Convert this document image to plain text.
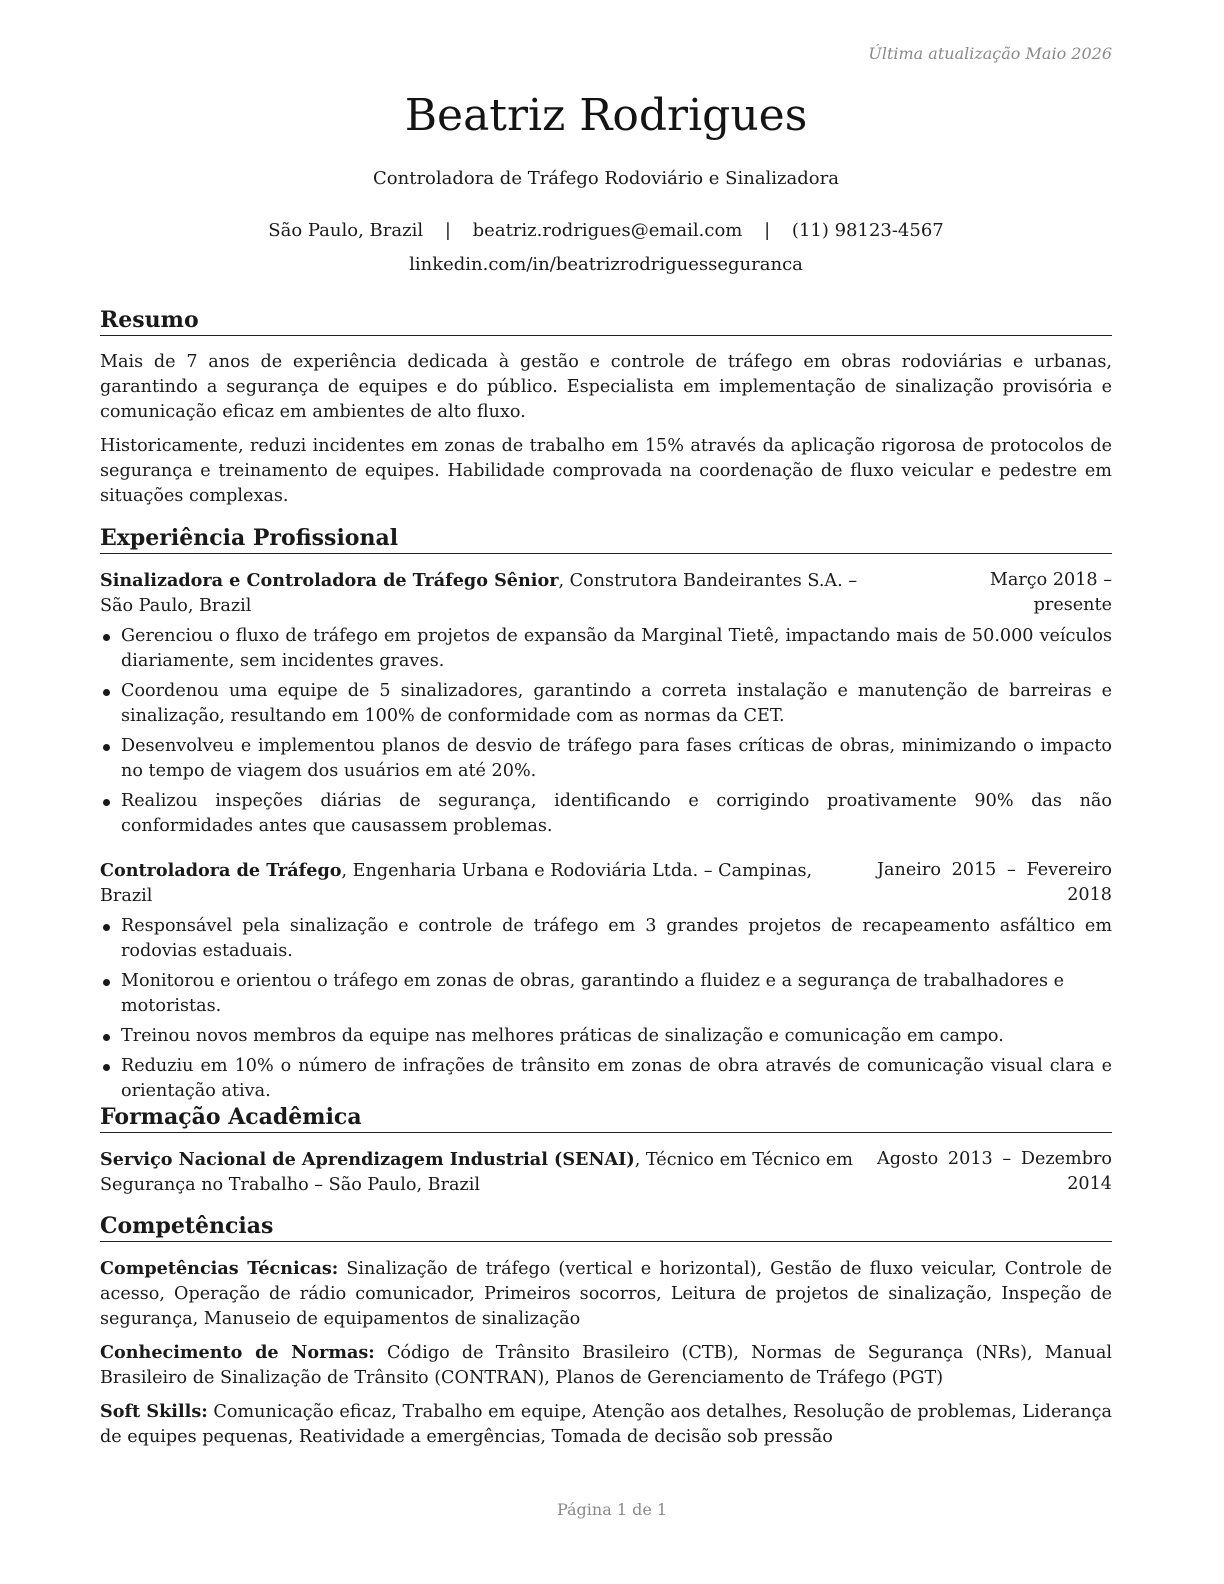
Última atualização Maio 2026
Beatriz Rodrigues
Controladora de Tráfego Rodoviário e Sinalizadora
São Paulo, Brazil | beatriz.rodrigues@email.com | (11) 98123-4567
linkedin.com/in/beatrizrodriguesseguranca
Resumo

Mais de 7 anos de experiência dedicada à gestão e controle de tráfego em obras rodoviárias e urbanas, garantindo a segurança de equipes e do público. Especialista em implementação de sinalização provisória e comunicação eficaz em ambientes de alto fluxo.

Historicamente, reduzi incidentes em zonas de trabalho em 15% através da aplicação rigorosa de protocolos de segurança e treinamento de equipes. Habilidade comprovada na coordenação de fluxo veicular e pedestre em situações complexas.

Experiência Profissional
Sinalizadora e Controladora de Tráfego Sênior, Construtora Bandeirantes S.A. – São Paulo, Brazil
Março 2018 – presente
Gerenciou o fluxo de tráfego em projetos de expansão da Marginal Tietê, impactando mais de 50.000 veículos diariamente, sem incidentes graves.
Coordenou uma equipe de 5 sinalizadores, garantindo a correta instalação e manutenção de barreiras e sinalização, resultando em 100% de conformidade com as normas da CET.
Desenvolveu e implementou planos de desvio de tráfego para fases críticas de obras, minimizando o impacto no tempo de viagem dos usuários em até 20%.
Realizou inspeções diárias de segurança, identificando e corrigindo proativamente 90% das não conformidades antes que causassem problemas.
Controladora de Tráfego, Engenharia Urbana e Rodoviária Ltda. – Campinas, Brazil
Janeiro 2015 – Fevereiro 2018
Responsável pela sinalização e controle de tráfego em 3 grandes projetos de recapeamento asfáltico em rodovias estaduais.
Monitorou e orientou o tráfego em zonas de obras, garantindo a fluidez e a segurança de trabalhadores e motoristas.
Treinou novos membros da equipe nas melhores práticas de sinalização e comunicação em campo.
Reduziu em 10% o número de infrações de trânsito em zonas de obra através de comunicação visual clara e orientação ativa.
Formação Acadêmica
Serviço Nacional de Aprendizagem Industrial (SENAI), Técnico em Técnico em Segurança no Trabalho – São Paulo, Brazil
Agosto 2013 – Dezembro 2014
Competências

Competências Técnicas: Sinalização de tráfego (vertical e horizontal), Gestão de fluxo veicular, Controle de acesso, Operação de rádio comunicador, Primeiros socorros, Leitura de projetos de sinalização, Inspeção de segurança, Manuseio de equipamentos de sinalização

Conhecimento de Normas: Código de Trânsito Brasileiro (CTB), Normas de Segurança (NRs), Manual Brasileiro de Sinalização de Trânsito (CONTRAN), Planos de Gerenciamento de Tráfego (PGT)

Soft Skills: Comunicação eficaz, Trabalho em equipe, Atenção aos detalhes, Resolução de problemas, Liderança de equipes pequenas, Reatividade a emergências, Tomada de decisão sob pressão

Página 1 de 1
